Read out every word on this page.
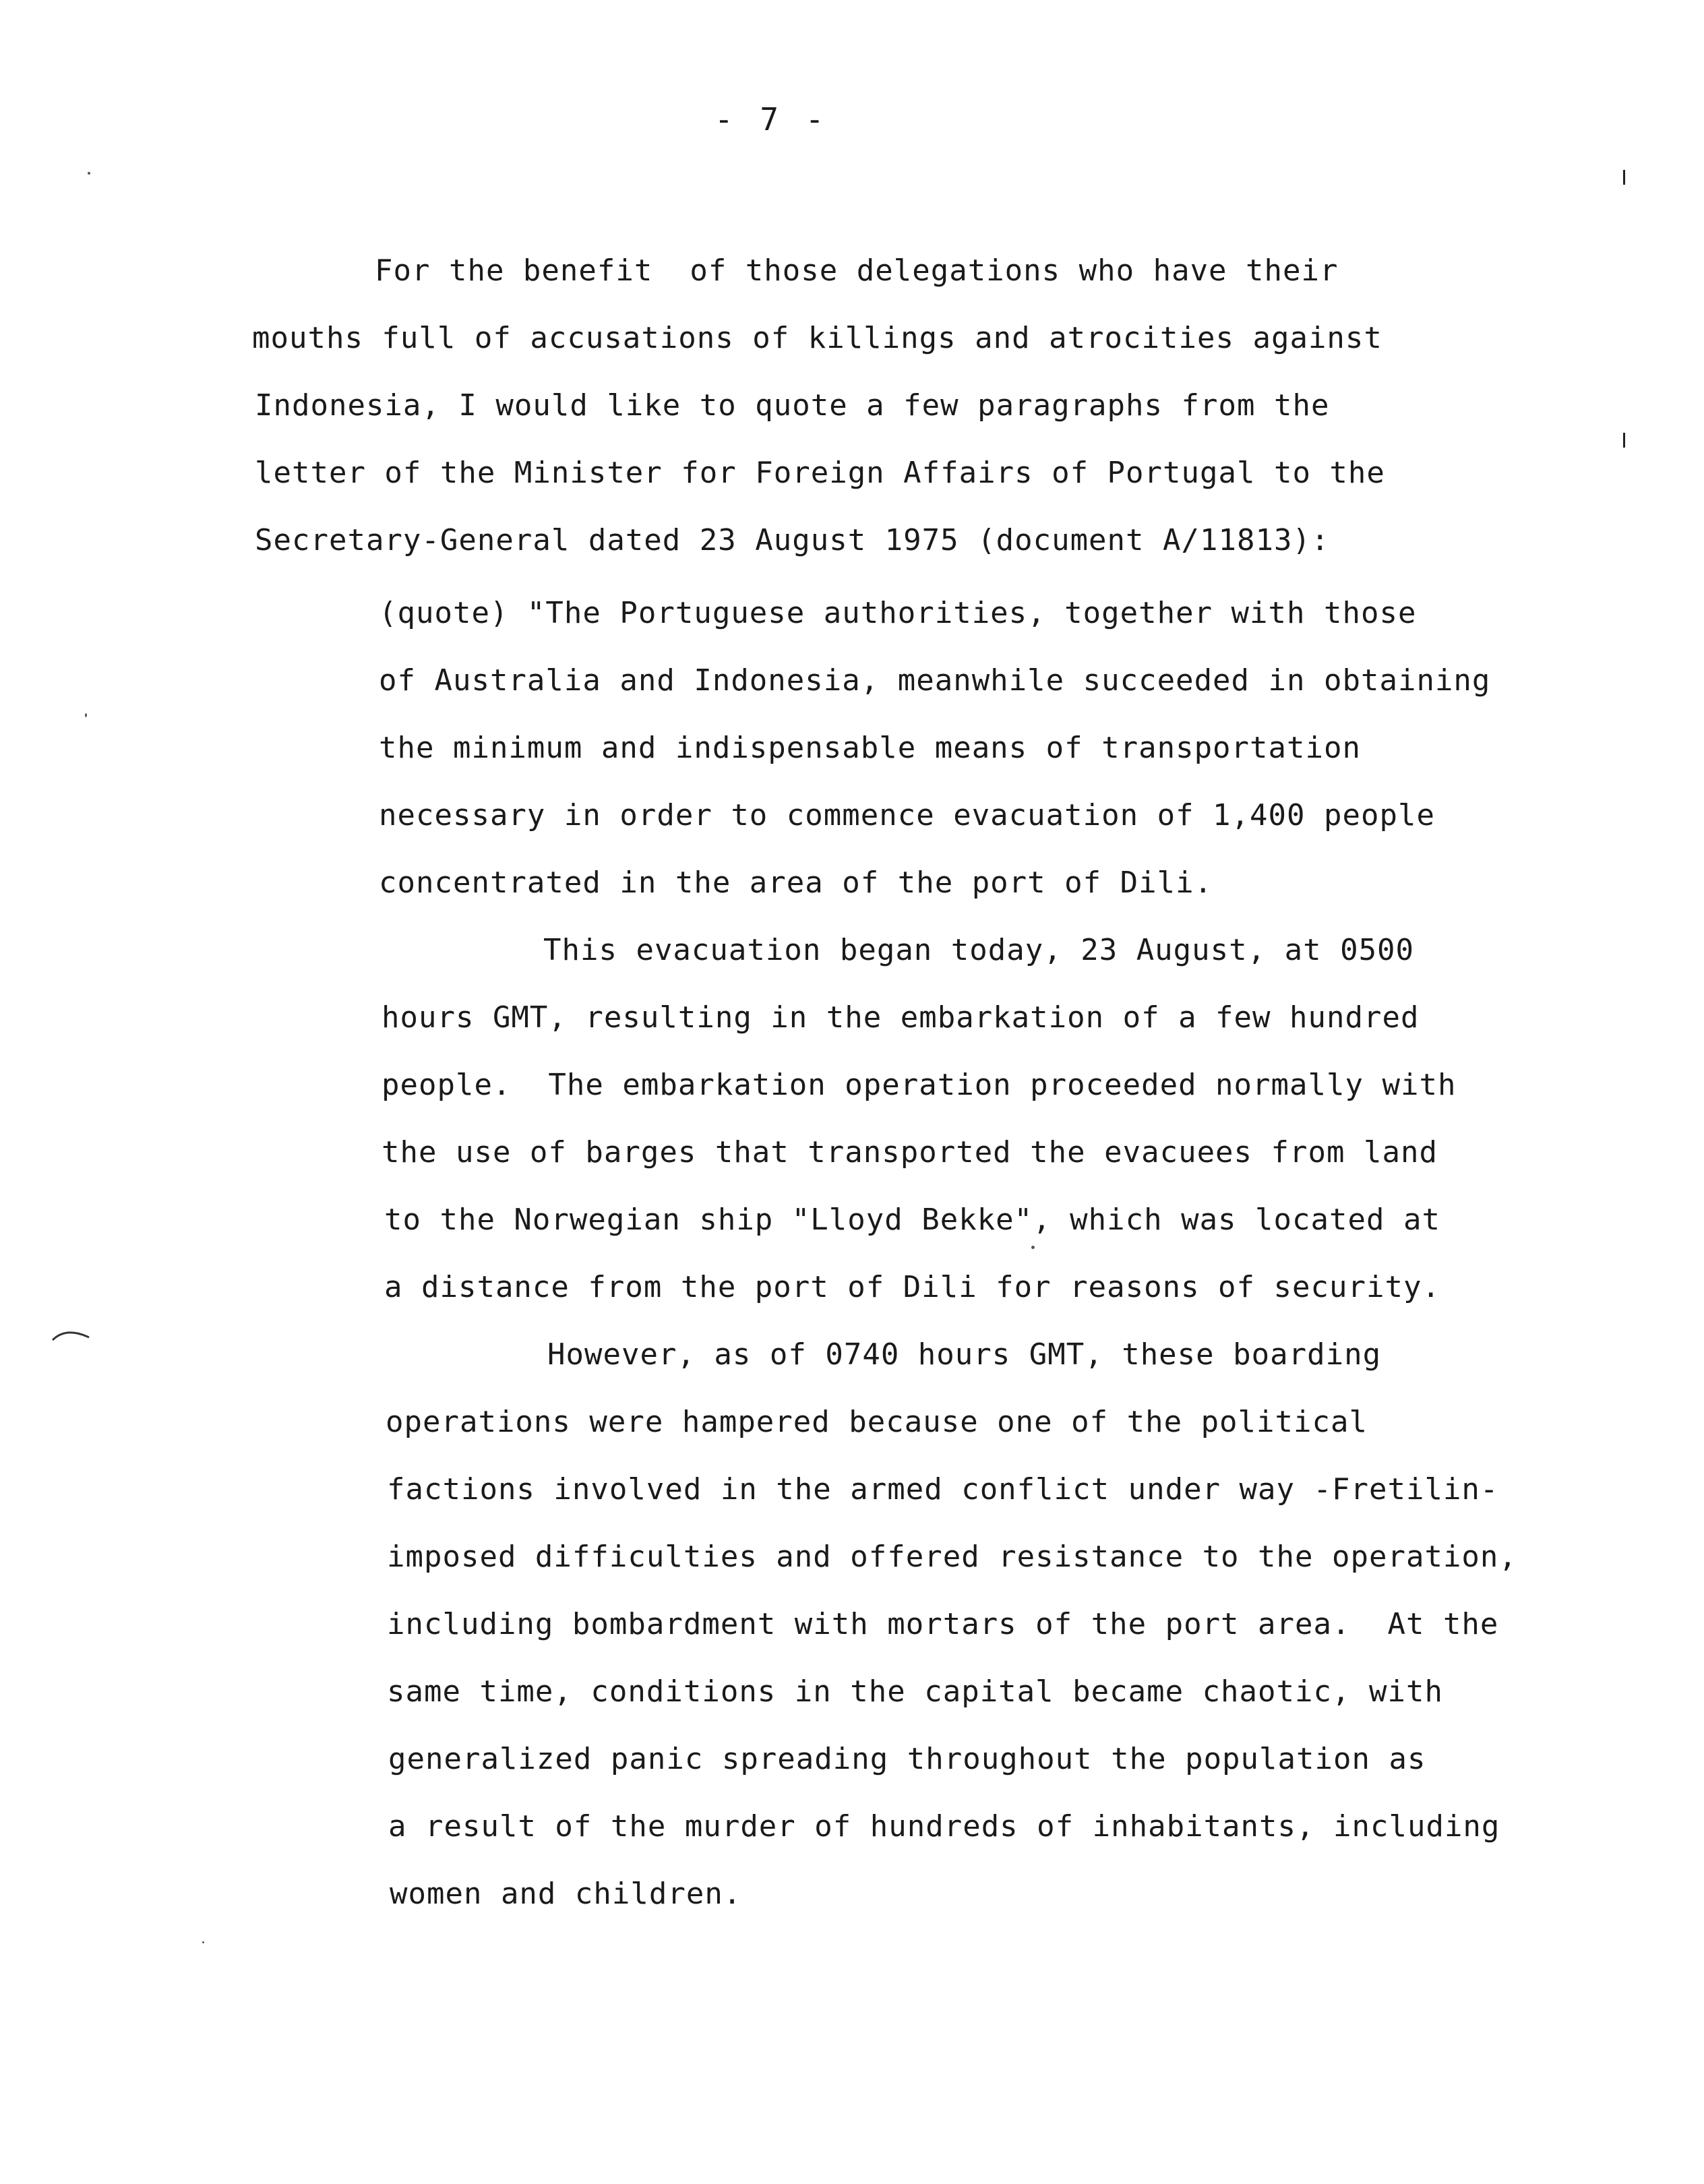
- 7 -
For the benefit  of those delegations who have their
mouths full of accusations of killings and atrocities against
Indonesia, I would like to quote a few paragraphs from the
letter of the Minister for Foreign Affairs of Portugal to the
Secretary-General dated 23 August 1975 (document A/11813):
(quote) "The Portuguese authorities, together with those
of Australia and Indonesia, meanwhile succeeded in obtaining
the minimum and indispensable means of transportation
necessary in order to commence evacuation of 1,400 people
concentrated in the area of the port of Dili.
This evacuation began today, 23 August, at 0500
hours GMT, resulting in the embarkation of a few hundred
people.  The embarkation operation proceeded normally with
the use of barges that transported the evacuees from land
to the Norwegian ship "Lloyd Bekke", which was located at
a distance from the port of Dili for reasons of security.
However, as of 0740 hours GMT, these boarding
operations were hampered because one of the political
factions involved in the armed conflict under way -Fretilin-
imposed difficulties and offered resistance to the operation,
including bombardment with mortars of the port area.  At the
same time, conditions in the capital became chaotic, with
generalized panic spreading throughout the population as
a result of the murder of hundreds of inhabitants, including
women and children.
